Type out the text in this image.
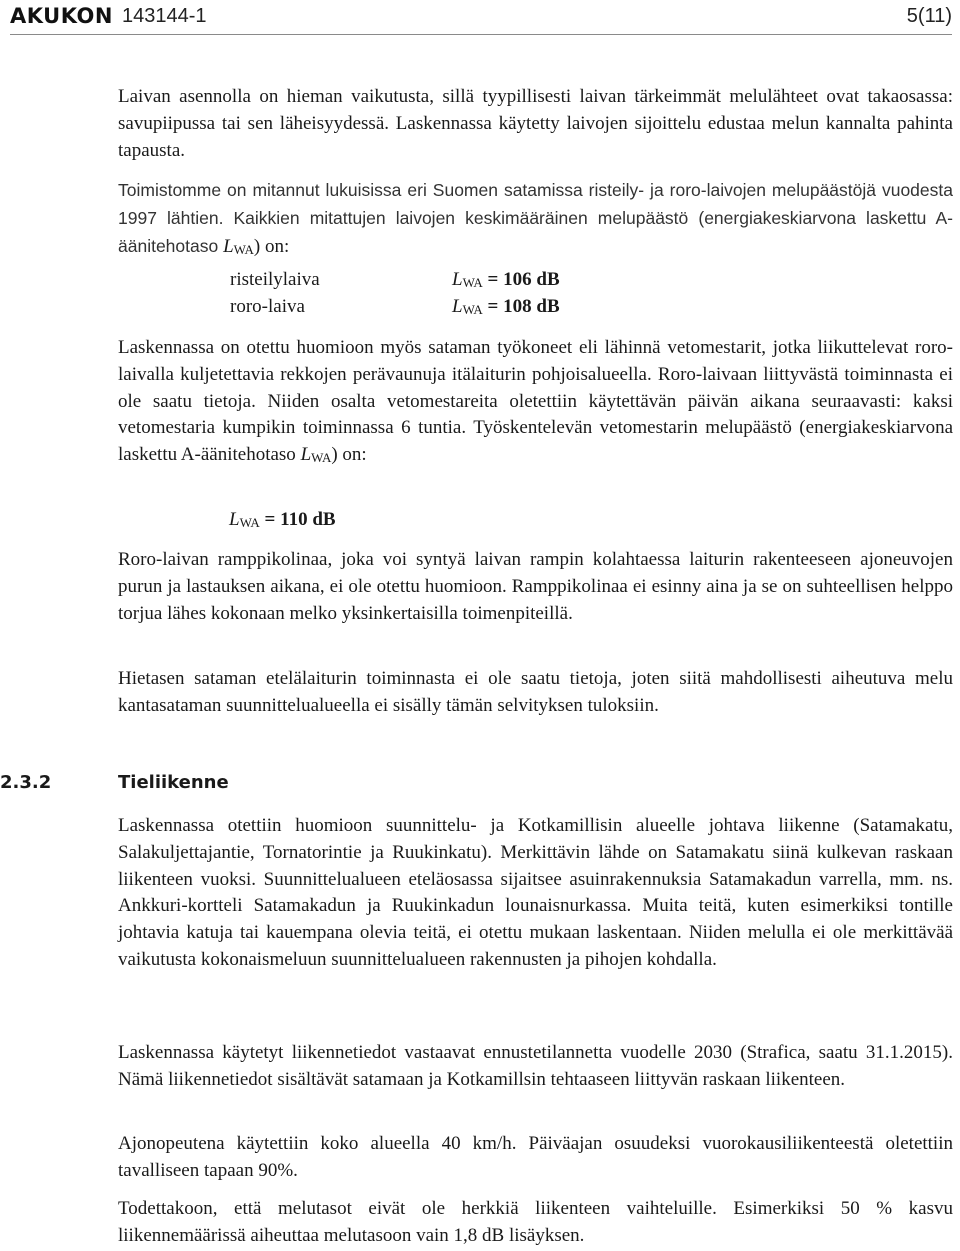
AKUKON 143144-1	5(11)

Laivan asennolla on hieman vaikutusta, sillä tyypillisesti laivan tärkeimmät melulähteet ovat takaosassa: savupiipussa tai sen läheisyydessä. Laskennassa käytetty laivojen sijoittelu edustaa melun kannalta pahinta tapausta.

Toimistomme on mitannut lukuisissa eri Suomen satamissa risteily- ja roro-laivojen melupäästöjä vuodesta 1997 lähtien. Kaikkien mitattujen laivojen keskimääräinen melupäästö (energiakeskiarvona laskettu A-äänitehotaso LWA) on:

risteilylaiva	LWA = 106 dB
roro-laiva	LWA = 108 dB

Laskennassa on otettu huomioon myös sataman työkoneet eli lähinnä vetomestarit, jotka liikuttelevat roro-laivalla kuljetettavia rekkojen perävaunuja itälaiturin pohjoisalueella. Roro-laivaan liittyvästä toiminnasta ei ole saatu tietoja. Niiden osalta vetomestareita oletettiin käytettävän päivän aikana seuraavasti: kaksi vetomestaria kumpikin toiminnassa 6 tuntia. Työskentelevän vetomestarin melupäästö (energiakeskiarvona laskettu A-äänitehotaso LWA) on:

LWA = 110 dB

Roro-laivan ramppikolinaa, joka voi syntyä laivan rampin kolahtaessa laiturin rakenteeseen ajoneuvojen purun ja lastauksen aikana, ei ole otettu huomioon. Ramppikolinaa ei esinny aina ja se on suhteellisen helppo torjua lähes kokonaan melko yksinkertaisilla toimenpiteillä.

Hietasen sataman etelälaiturin toiminnasta ei ole saatu tietoja, joten siitä mahdollisesti aiheutuva melu kantasataman suunnittelualueella ei sisälly tämän selvityksen tuloksiin.

2.3.2	Tieliikenne

Laskennassa otettiin huomioon suunnittelu- ja Kotkamillisin alueelle johtava liikenne (Satamakatu, Salakuljettajantie, Tornatorintie ja Ruukinkatu). Merkittävin lähde on Satamakatu siinä kulkevan raskaan liikenteen vuoksi. Suunnittelualueen eteläosassa sijaitsee asuinrakennuksia Satamakadun varrella, mm. ns. Ankkuri-kortteli Satamakadun ja Ruukinkadun lounaisnurkassa. Muita teitä, kuten esimerkiksi tontille johtavia katuja tai kauempana olevia teitä, ei otettu mukaan laskentaan. Niiden melulla ei ole merkittävää vaikutusta kokonaismeluun suunnittelualueen rakennusten ja pihojen kohdalla.

Laskennassa käytetyt liikennetiedot vastaavat ennustetilannetta vuodelle 2030 (Strafica, saatu 31.1.2015). Nämä liikennetiedot sisältävät satamaan ja Kotkamillsin tehtaaseen liittyvän raskaan liikenteen.

Ajonopeutena käytettiin koko alueella 40 km/h. Päiväajan osuudeksi vuorokausiliikenteestä oletettiin tavalliseen tapaan 90%.

Todettakoon, että melutasot eivät ole herkkiä liikenteen vaihteluille. Esimerkiksi 50 % kasvu liikennemäärissä aiheuttaa melutasoon vain 1,8 dB lisäyksen.
